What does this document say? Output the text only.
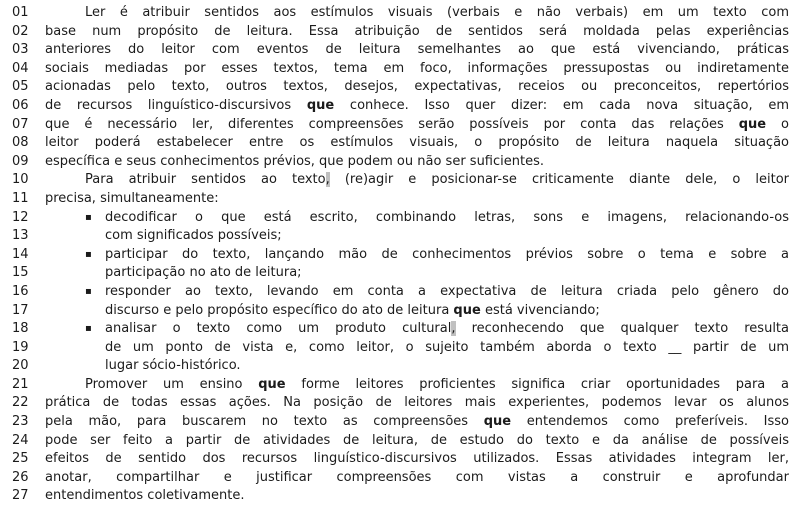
01	Ler é atribuir sentidos aos estímulos visuais (verbais e não verbais) em um texto com
02	base num propósito de leitura. Essa atribuição de sentidos será moldada pelas experiências
03	anteriores do leitor com eventos de leitura semelhantes ao que está vivenciando, práticas
04	sociais mediadas por esses textos, tema em foco, informações pressupostas ou indiretamente
05	acionadas pelo texto, outros textos, desejos, expectativas, receios ou preconceitos, repertórios
06	de recursos linguístico-discursivos que conhece. Isso quer dizer: em cada nova situação, em
07	que é necessário ler, diferentes compreensões serão possíveis por conta das relações que o
08	leitor poderá estabelecer entre os estímulos visuais, o propósito de leitura naquela situação
09	específica e seus conhecimentos prévios, que podem ou não ser suficientes.
10	Para atribuir sentidos ao texto, (re)agir e posicionar-se criticamente diante dele, o leitor
11	precisa, simultaneamente:
12	▪ decodificar o que está escrito, combinando letras, sons e imagens, relacionando-os
13	com significados possíveis;
14	▪ participar do texto, lançando mão de conhecimentos prévios sobre o tema e sobre a
15	participação no ato de leitura;
16	▪ responder ao texto, levando em conta a expectativa de leitura criada pelo gênero do
17	discurso e pelo propósito específico do ato de leitura que está vivenciando;
18	▪ analisar o texto como um produto cultural, reconhecendo que qualquer texto resulta
19	de um ponto de vista e, como leitor, o sujeito também aborda o texto __ partir de um
20	lugar sócio-histórico.
21	Promover um ensino que forme leitores proficientes significa criar oportunidades para a
22	prática de todas essas ações. Na posição de leitores mais experientes, podemos levar os alunos
23	pela mão, para buscarem no texto as compreensões que entendemos como preferíveis. Isso
24	pode ser feito a partir de atividades de leitura, de estudo do texto e da análise de possíveis
25	efeitos de sentido dos recursos linguístico-discursivos utilizados. Essas atividades integram ler,
26	anotar, compartilhar e justificar compreensões com vistas a construir e aprofundar
27	entendimentos coletivamente.
